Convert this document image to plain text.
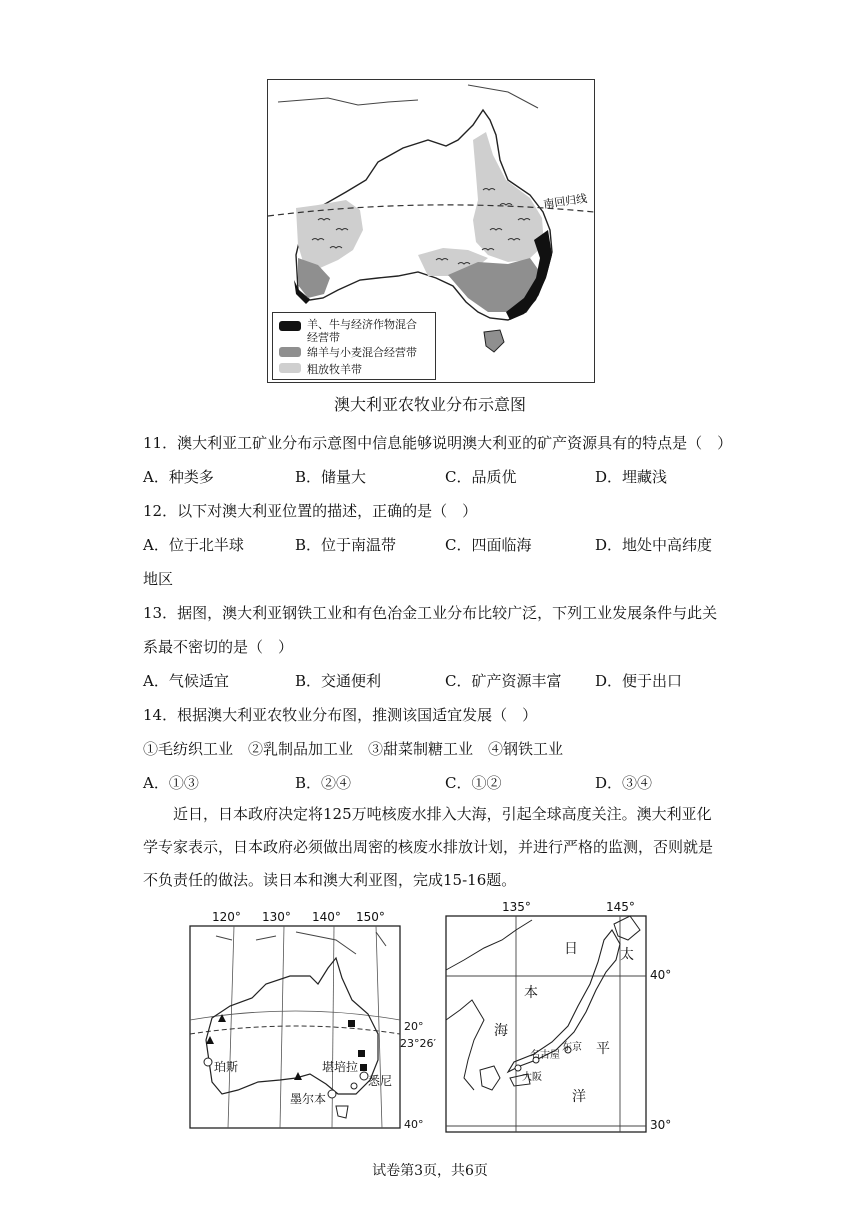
南回归线
羊、牛与经济作物混合
经营带
绵羊与小麦混合经营带
粗放牧羊带
澳大利亚农牧业分布示意图
11．澳大利亚工矿业分布示意图中信息能够说明澳大利亚的矿产资源具有的特点是（　）
A．种类多	B．储量大	C．品质优	D．埋藏浅
12．以下对澳大利亚位置的描述，正确的是（　）
A．位于北半球	B．位于南温带	C．四面临海	D．地处中高纬度
地区
13．据图，澳大利亚钢铁工业和有色冶金工业分布比较广泛，下列工业发展条件与此关
系最不密切的是（　）
A．气候适宜	B．交通便利	C．矿产资源丰富 D．便于出口
14．根据澳大利亚农牧业分布图，推测该国适宜发展（　）
①毛纺织工业　②乳制品加工业　③甜菜制糖工业　④钢铁工业
A．①③	B．②④	C．①②	D．③④

近日，日本政府决定将125万吨核废水排入大海，引起全球高度关注。澳大利亚化

学专家表示，日本政府必须做出周密的核废水排放计划，并进行严格的监测，否则就是

不负责任的做法。读日本和澳大利亚图，完成15-16题。

120° 130° 140° 150°
20°
23°26′
40°
珀斯	堪培拉
悉尼
墨尔本
135°	145°
40°
30°
日
本
海
太
平
洋
名古屋
东京
大阪
试卷第3页，共6页
